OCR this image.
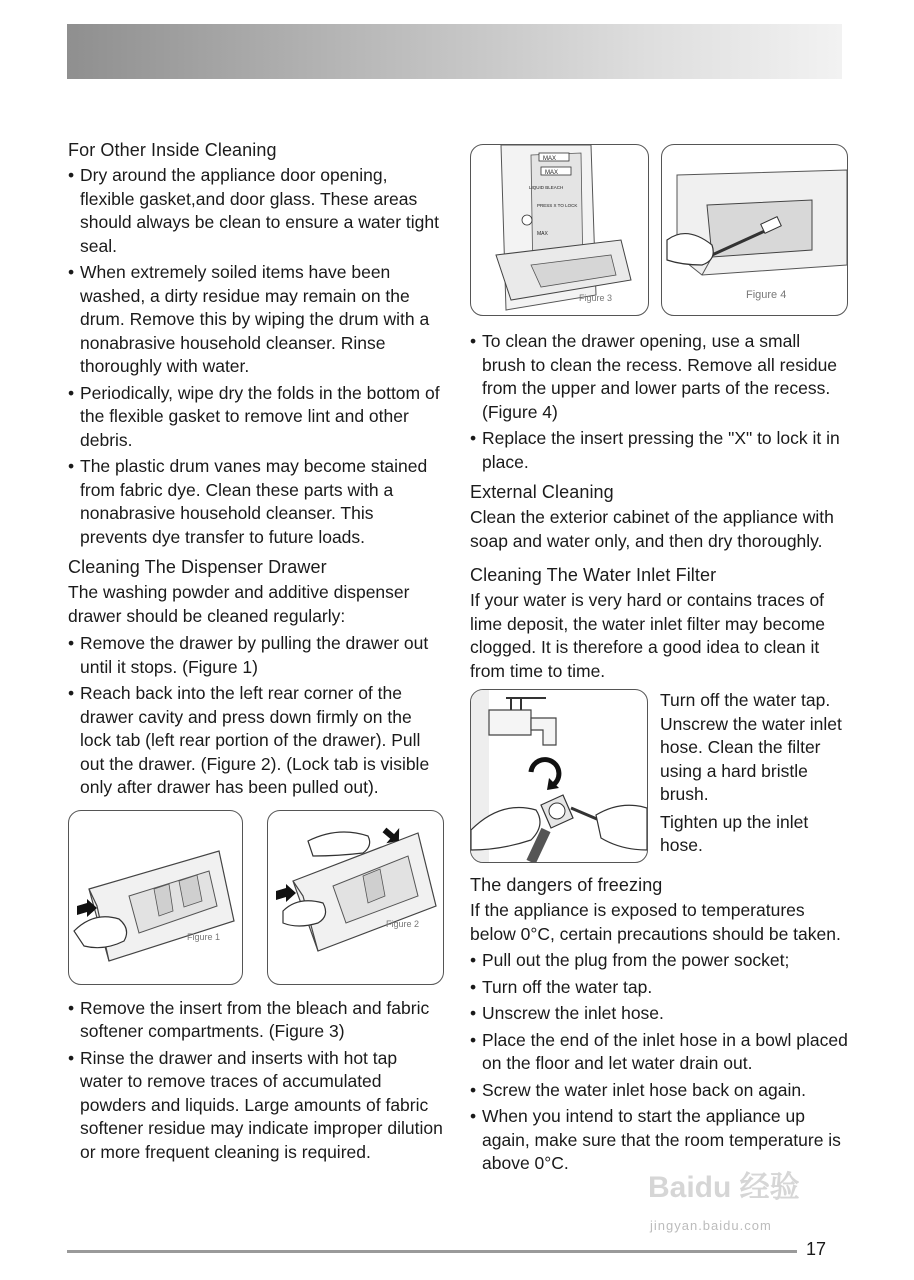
For Other Inside Cleaning
• Dry around the appliance door opening, flexible gasket,and door glass. These areas should always be clean to ensure a water tight seal.
• When extremely soiled items have been washed, a dirty residue may remain on the drum. Remove this by wiping the drum with a nonabrasive household cleanser. Rinse thoroughly with water.
• Periodically, wipe dry the folds in the bottom of the flexible gasket to remove lint and other debris.
• The plastic drum vanes may become stained from fabric dye. Clean these parts with a nonabrasive household cleanser. This prevents dye transfer to future loads.
Cleaning The Dispenser Drawer
The washing powder and additive dispenser drawer should be cleaned regularly:
• Remove the drawer by pulling the drawer out until it stops. (Figure 1)
• Reach back into the left rear corner of the drawer cavity and press down firmly on the lock tab (left rear portion of the drawer). Pull out the drawer. (Figure 2). (Lock tab is visible only after drawer has been pulled out).
Figure 1
Figure 2
• Remove the insert from the bleach and fabric softener compartments. (Figure 3)
• Rinse the drawer and inserts with hot tap water to remove traces of accumulated powders and liquids. Large amounts of fabric softener residue may indicate improper dilution or more frequent cleaning is required.
MAX
MAX
LIQUID BLEACH
PRESS X TO LOCK
MAX
Figure 3	Figure 4
• To clean the drawer opening, use a small brush to clean the recess. Remove all residue from the upper and lower parts of the recess. (Figure 4)
• Replace the insert pressing the "X" to lock it in place.
External Cleaning
Clean the exterior cabinet of the appliance with soap and water only, and then dry thoroughly.
Cleaning The Water Inlet Filter
If your water is very hard or contains traces of lime deposit, the water inlet filter may become clogged. It is therefore a good idea to clean it from time to time.
Turn off the water tap. Unscrew the water inlet hose. Clean the filter using a hard bristle brush.
Tighten up the inlet hose.
The dangers of freezing
If the appliance is exposed to temperatures below 0°C, certain precautions should be taken.
• Pull out the plug from the power socket;
• Turn off the water tap.
• Unscrew the inlet hose.
• Place the end of the inlet hose in a bowl placed on the floor and let water drain out.
• Screw the water inlet hose back on again.
• When you intend to start the appliance up again, make sure that the room temperature is above 0°C.
Baidu 经验
jingyan.baidu.com
17
